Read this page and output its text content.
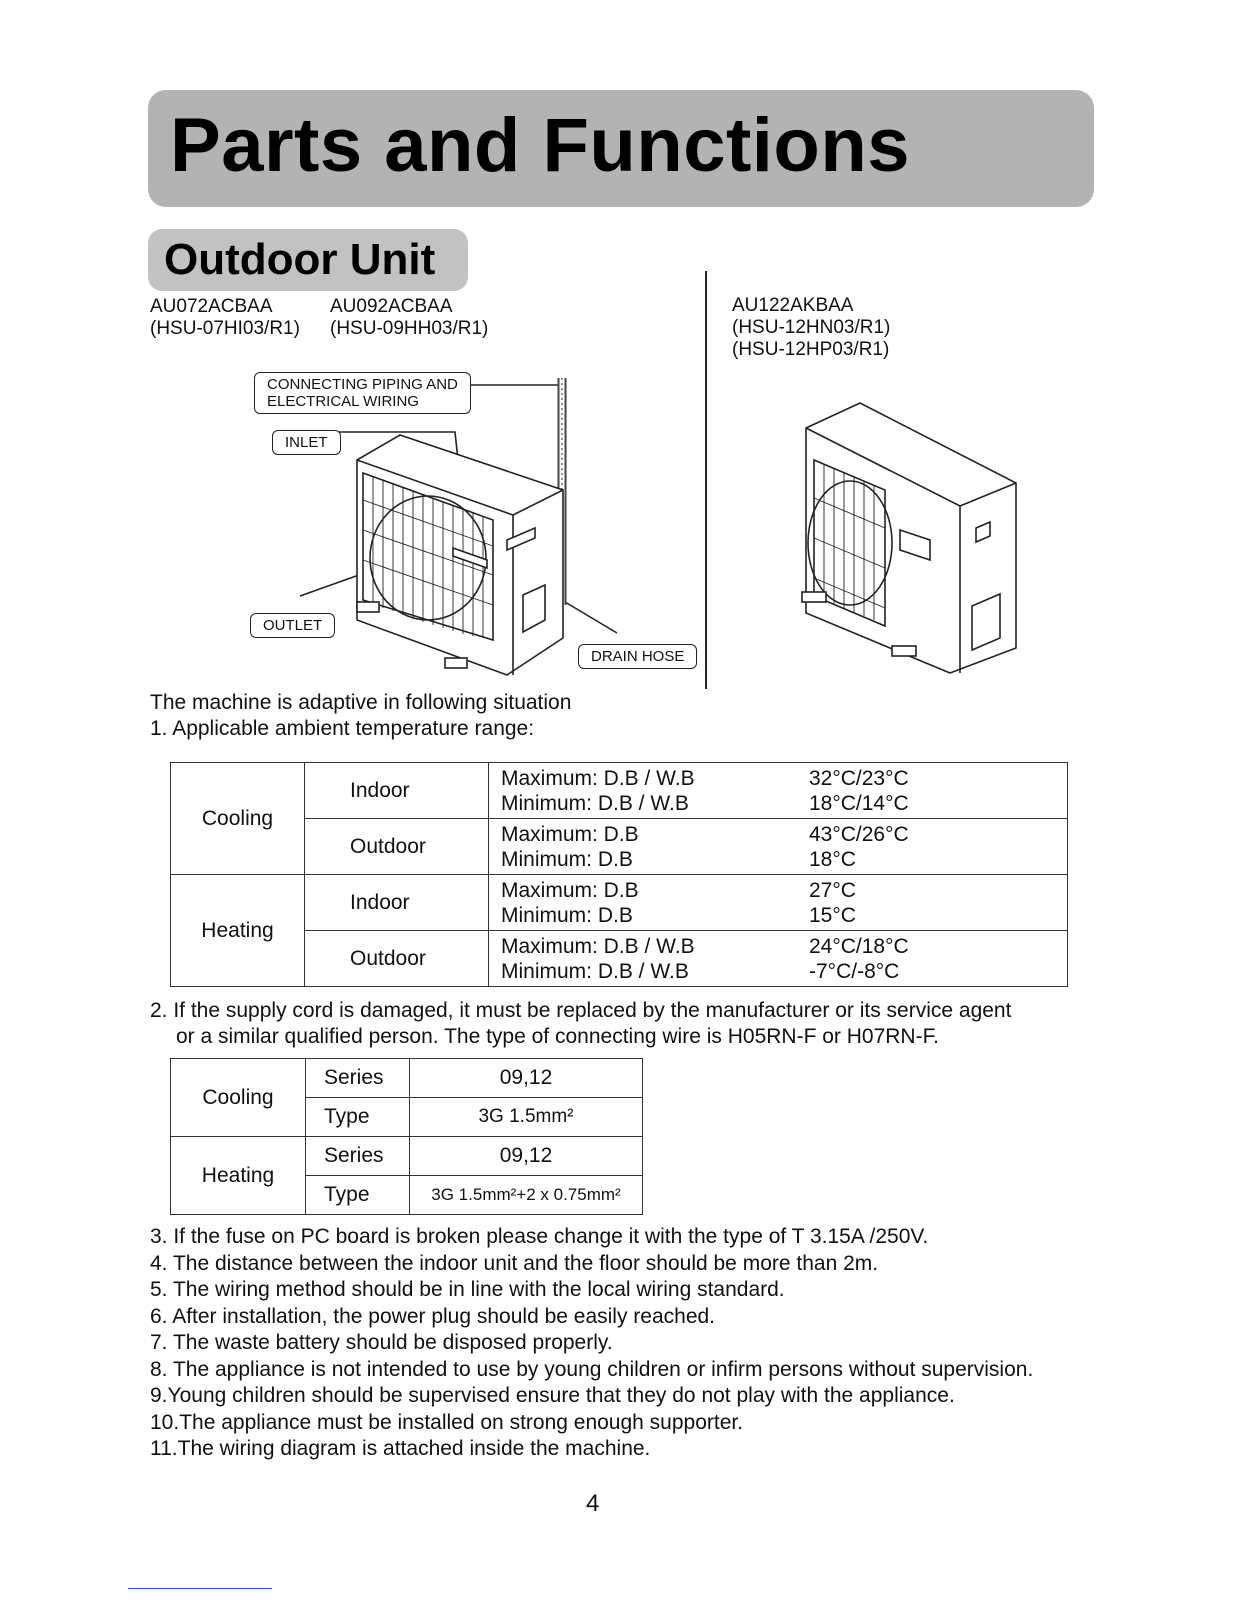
Parts and Functions
Outdoor Unit
AU072ACBAA
(HSU-07HI03/R1)
AU092ACBAA
(HSU-09HH03/R1)
AU122AKBAA
(HSU-12HN03/R1)
(HSU-12HP03/R1)
CONNECTING PIPING AND
ELECTRICAL WIRING
INLET
OUTLET
DRAIN HOSE
The machine is adaptive in following situation
1. Applicable ambient temperature range:
Cooling	Indoor	Maximum: D.B / W.B 32°C/23°C
Minimum: D.B / W.B 18°C/14°C

	Outdoor	Maximum: D.B 43°C/26°C
Minimum: D.B 18°C

Heating	Indoor	Maximum: D.B 27°C
Minimum: D.B 15°C

	Outdoor	Maximum: D.B / W.B 24°C/18°C
Minimum: D.B / W.B -7°C/-8°C
2. If the supply cord is damaged, it must be replaced by the manufacturer or its service agent
or a similar qualified person. The type of connecting wire is H05RN-F or H07RN-F.
Cooling	Series	09,12
	Type	3G 1.5mm²
Heating	Series	09,12
	Type	3G 1.5mm²+2 x 0.75mm²
3. If the fuse on PC board is broken please change it with the type of T 3.15A /250V.
4. The distance between the indoor unit and the floor should be more than 2m.
5. The wiring method should be in line with the local wiring standard.
6. After installation, the power plug should be easily reached.
7. The waste battery should be disposed properly.
8. The appliance is not intended to use by young children or infirm persons without supervision.
9.Young children should be supervised ensure that they do not play with the appliance.
10.The appliance must be installed on strong enough supporter.
11.The wiring diagram is attached inside the machine.
4
